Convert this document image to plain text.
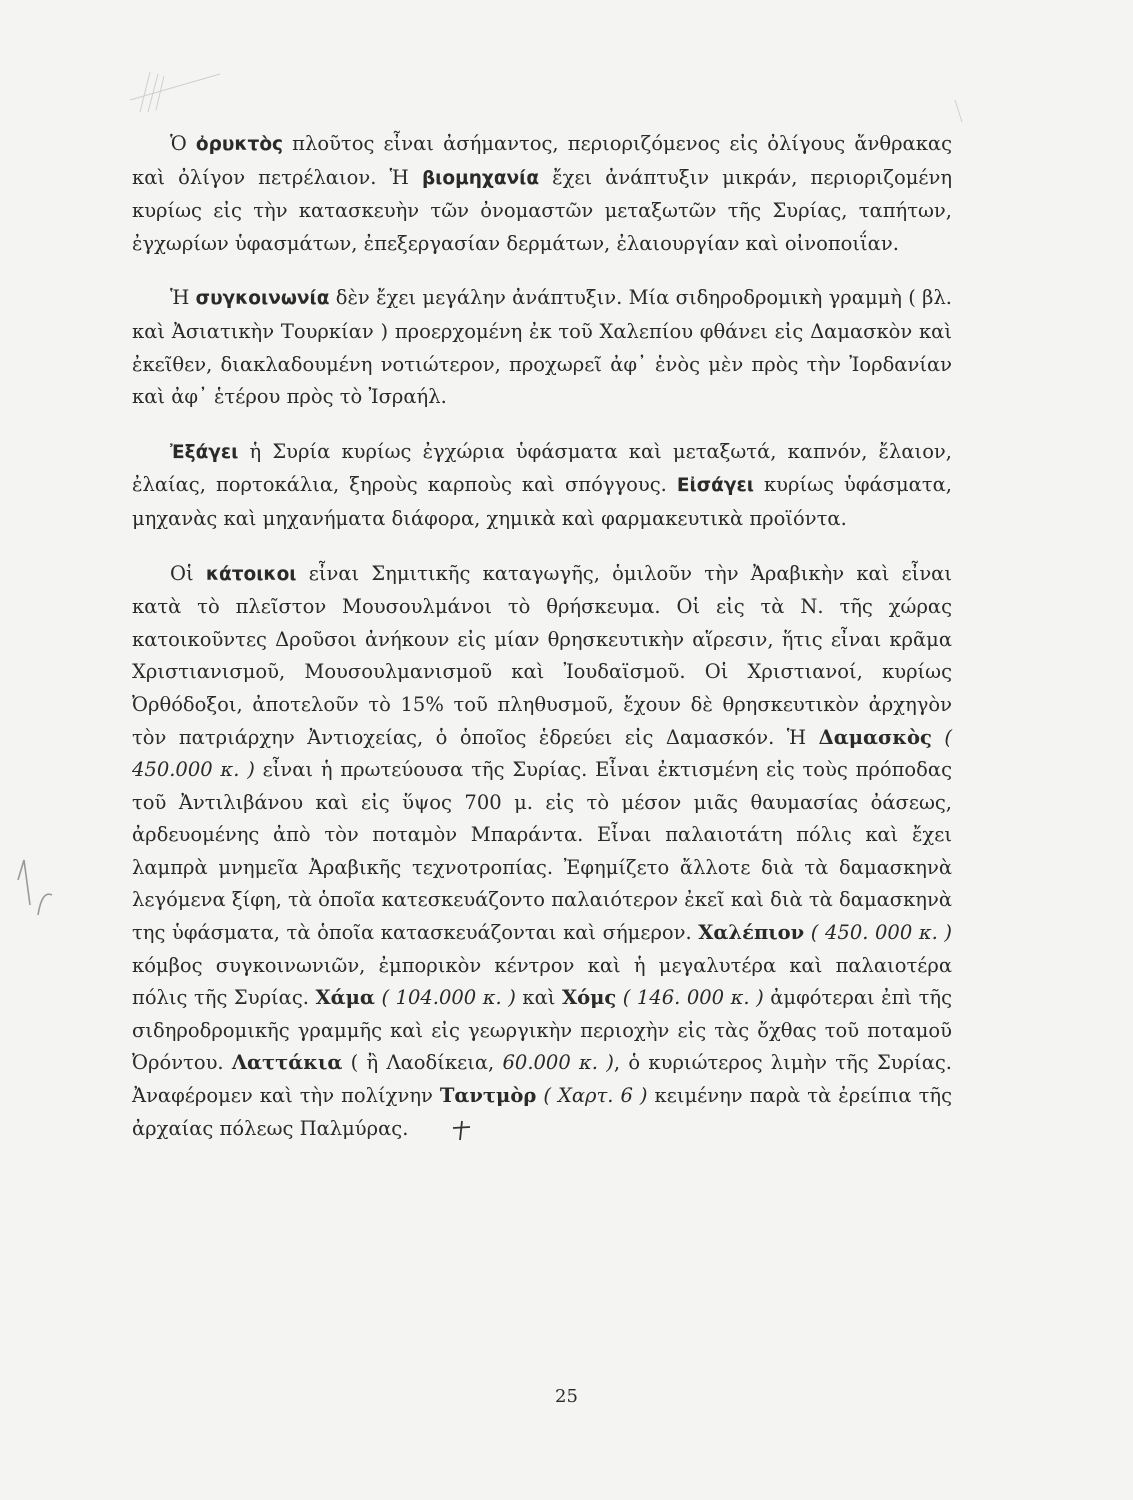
Ὁ ὀρυκτὸς πλοῦτος εἶναι ἀσήμαντος, περιοριζόμενος εἰς ὀλίγους ἄνθρακας καὶ ὀλίγον πετρέλαιον. Ἡ βιομηχανία ἔχει ἀνάπτυξιν μικράν, περιοριζομένη κυρίως εἰς τὴν κατασκευὴν τῶν ὀνομαστῶν μεταξωτῶν τῆς Συρίας, ταπήτων, ἐγχωρίων ὑφασμάτων, ἐπεξεργασίαν δερμάτων, ἐλαιουργίαν καὶ οἰνοποιΐαν.

Ἡ συγκοινωνία δὲν ἔχει μεγάλην ἀνάπτυξιν. Μία σιδηροδρομικὴ γραμμὴ ( βλ. καὶ Ἀσιατικὴν Τουρκίαν ) προερχομένη ἐκ τοῦ Χαλεπίου φθάνει εἰς Δαμασκὸν καὶ ἐκεῖθεν, διακλαδουμένη νοτιώτερον, προχωρεῖ ἀφ᾽ ἑνὸς μὲν πρὸς τὴν Ἰορδανίαν καὶ ἀφ᾽ ἑτέρου πρὸς τὸ Ἰσραήλ.

Ἐξάγει ἡ Συρία κυρίως ἐγχώρια ὑφάσματα καὶ μεταξωτά, καπνόν, ἔλαιον, ἐλαίας, πορτοκάλια, ξηροὺς καρποὺς καὶ σπόγγους. Εἰσάγει κυρίως ὑφάσματα, μηχανὰς καὶ μηχανήματα διάφορα, χημικὰ καὶ φαρμακευτικὰ προϊόντα.

Οἱ κάτοικοι εἶναι Σημιτικῆς καταγωγῆς, ὁμιλοῦν τὴν Ἀραβικὴν καὶ εἶναι κατὰ τὸ πλεῖστον Μουσουλμάνοι τὸ θρήσκευμα. Οἱ εἰς τὰ Ν. τῆς χώρας κατοικοῦντες Δροῦσοι ἀνήκουν εἰς μίαν θρησκευτικὴν αἵρεσιν, ἥτις εἶναι κρᾶμα Χριστιανισμοῦ, Μουσουλμανισμοῦ καὶ Ἰουδαϊσμοῦ. Οἱ Χριστιανοί, κυρίως Ὀρθόδοξοι, ἀποτελοῦν τὸ 15% τοῦ πληθυσμοῦ, ἔχουν δὲ θρησκευτικὸν ἀρχηγὸν τὸν πατριάρχην Ἀντιοχείας, ὁ ὁποῖος ἑδρεύει εἰς Δαμασκόν. Ἡ Δαμασκὸς ( 450.000 κ. ) εἶναι ἡ πρωτεύουσα τῆς Συρίας. Εἶναι ἐκτισμένη εἰς τοὺς πρόποδας τοῦ Ἀντιλιβάνου καὶ εἰς ὕψος 700 μ. εἰς τὸ μέσον μιᾶς θαυμασίας ὀάσεως, ἀρδευομένης ἀπὸ τὸν ποταμὸν Μπαράντα. Εἶναι παλαιοτάτη πόλις καὶ ἔχει λαμπρὰ μνημεῖα Ἀραβικῆς τεχνοτροπίας. Ἐφημίζετο ἄλλοτε διὰ τὰ δαμασκηνὰ λεγόμενα ξίφη, τὰ ὁποῖα κατεσκευάζοντο παλαιότερον ἐκεῖ καὶ διὰ τὰ δαμασκηνὰ της ὑφάσματα, τὰ ὁποῖα κατασκευάζονται καὶ σήμερον. Χαλέπιον ( 450. 000 κ. ) κόμβος συγκοινωνιῶν, ἐμπορικὸν κέντρον καὶ ἡ μεγαλυτέρα καὶ παλαιοτέρα πόλις τῆς Συρίας. Χάμα ( 104.000 κ. ) καὶ Χόμς ( 146. 000 κ. ) ἀμφότεραι ἐπὶ τῆς σιδηροδρομικῆς γραμμῆς καὶ εἰς γεωργικὴν περιοχὴν εἰς τὰς ὄχθας τοῦ ποταμοῦ Ὀρόντου. Λαττάκια ( ἢ Λαοδίκεια, 60.000 κ. ), ὁ κυριώτερος λιμὴν τῆς Συρίας. Ἀναφέρομεν καὶ τὴν πολίχνην Ταντμὸρ ( Χαρτ. 6 ) κειμένην παρὰ τὰ ἐρείπια τῆς ἀρχαίας πόλεως Παλμύρας.

25
